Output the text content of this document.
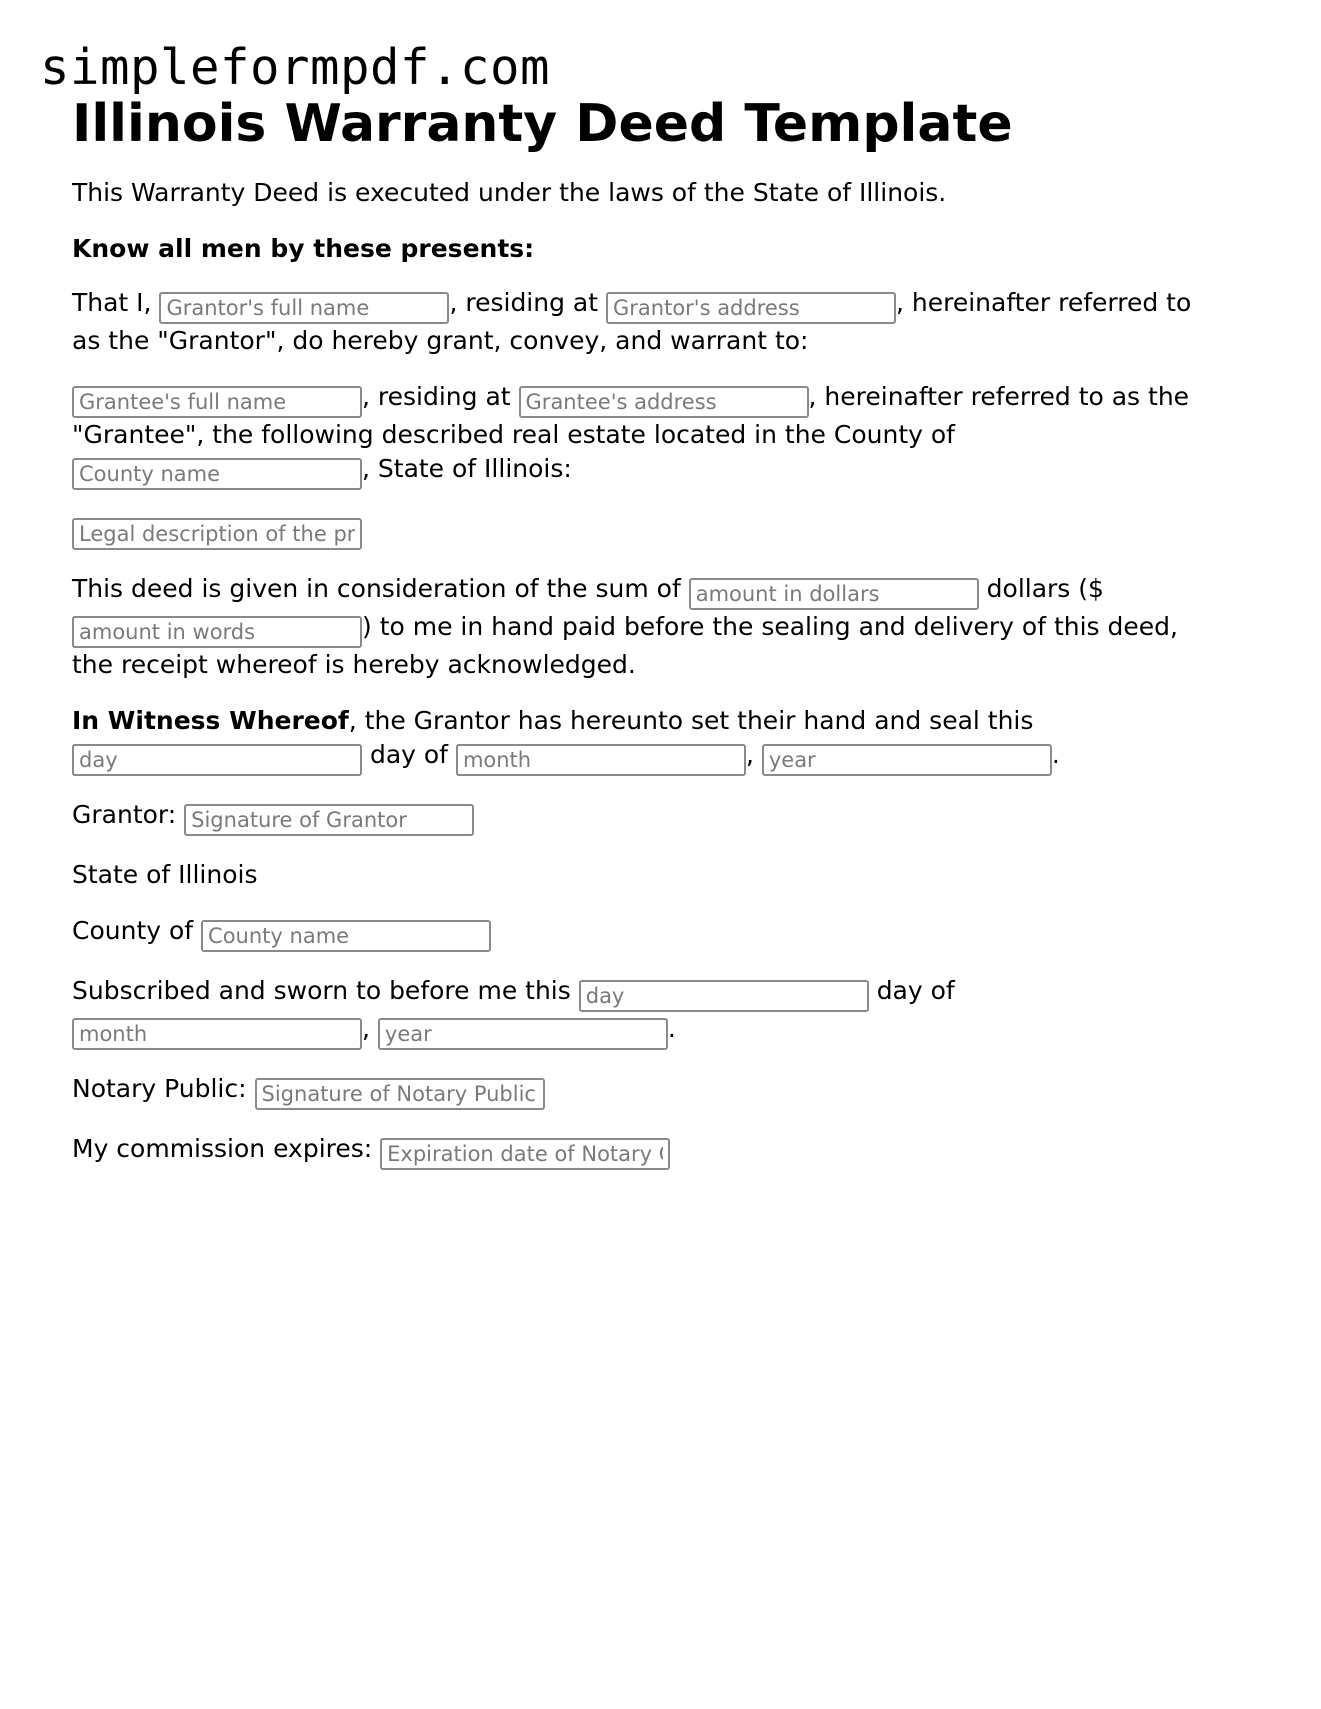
simpleformpdf.com
Illinois Warranty Deed Template

This Warranty Deed is executed under the laws of the State of Illinois.

Know all men by these presents:

That I, Grantor's full name	, residing at Grantor's address	, hereinafter referred to
as the "Grantor", do hereby grant, convey, and warrant to:
Grantee's full name, residing at Grantee's address	, hereinafter referred to as the
"Grantee", the following described real estate located in the County of
County name, State of Illinois:
Legal description of the property
This deed is given in consideration of the sum of amount in dollars	dollars ($
amount in words) to me in hand paid before the sealing and delivery of this deed,
the receipt whereof is hereby acknowledged.
In Witness Whereof, the Grantor has hereunto set their hand and seal this
day day of month	, year	.
Grantor: Signature of Grantor

State of Illinois

County of County name
Subscribed and sworn to before me this day	day of
month, year	.
Notary Public: Signature of Notary Public
My commission expires: Expiration date of Notary Commission
